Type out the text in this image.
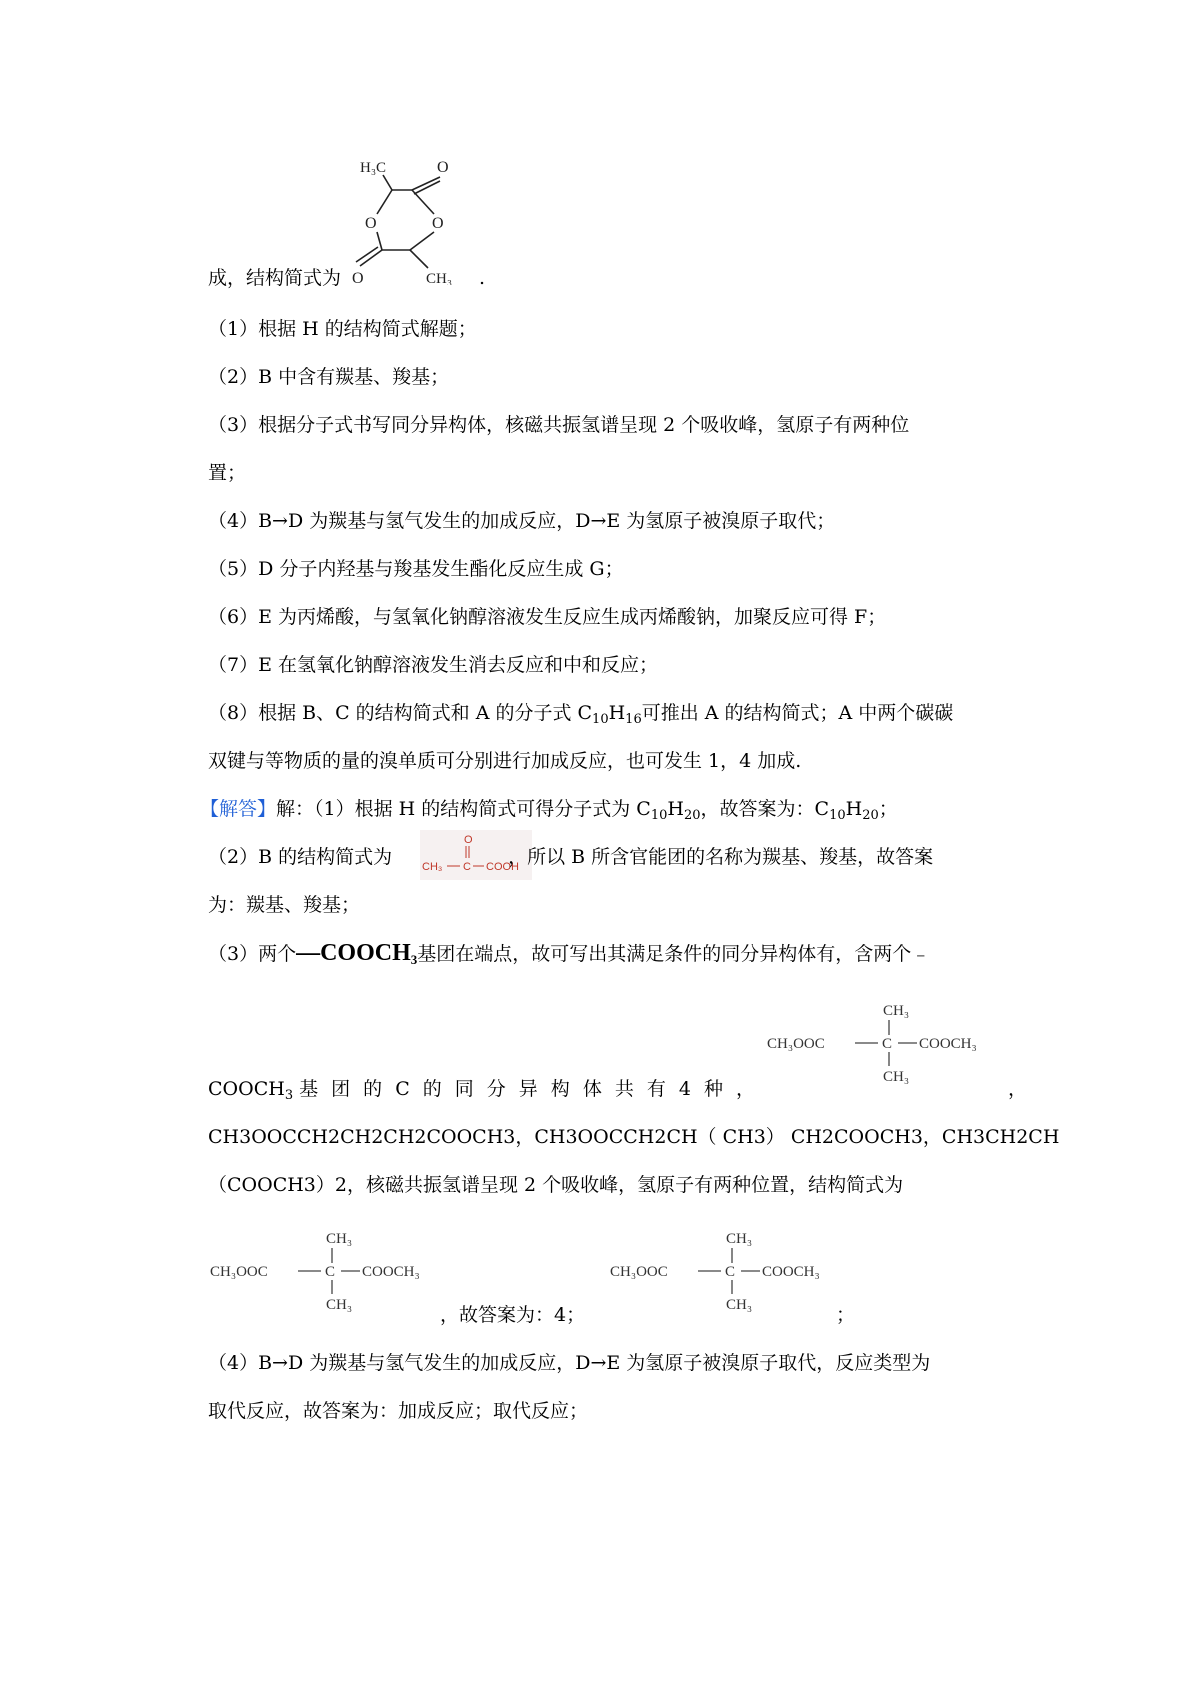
H₃C	O
O	O
O	CH₃
成，结构简式为	.
（1）根据 H 的结构简式解题；
（2）B 中含有羰基、羧基；
（3）根据分子式书写同分异构体，核磁共振氢谱呈现 2 个吸收峰，氢原子有两种位
置；
（4）B→D 为羰基与氢气发生的加成反应，D→E 为氢原子被溴原子取代；
（5）D 分子内羟基与羧基发生酯化反应生成 G；
（6）E 为丙烯酸，与氢氧化钠醇溶液发生反应生成丙烯酸钠，加聚反应可得 F；
（7）E 在氢氧化钠醇溶液发生消去反应和中和反应；
（8）根据 B、C 的结构简式和 A 的分子式 $C_{10}H_{16}$可推出 A 的结构简式；A 中两个碳碳
双键与等物质的量的溴单质可分别进行加成反应，也可发生 1，4 加成.
【解答】解：（1）根据 H 的结构简式可得分子式为 $C_{10}H_{20}$，故答案为：$C_{10}H_{20}$；
O
CH₃ C COOH
（2）B 的结构简式为	，所以 B 所含官能团的名称为羰基、羧基，故答案
为：羰基、羧基；
（3）两个$—COOCH_3$基团在端点，故可写出其满足条件的同分异构体有，含两个﹣
CH₃
CH₃OOC	C COOCH₃
CH₃
$COOCH_3$ 基团的C的同分异构体共有4种，	，
CH3OOCCH2CH2CH2COOCH3， CH3OOCCH2CH（ CH3） CH2COOCH3， CH3CH2CH
（COOCH3）2，核磁共振氢谱呈现 2 个吸收峰，氢原子有两种位置，结构简式为
CH₃
CH₃OOC	C COOCH₃
CH₃
CH₃
CH₃OOC	C COOCH₃
CH₃
，故答案为：4；	；
（4）B→D 为羰基与氢气发生的加成反应，D→E 为氢原子被溴原子取代，反应类型为
取代反应，故答案为：加成反应；取代反应；
